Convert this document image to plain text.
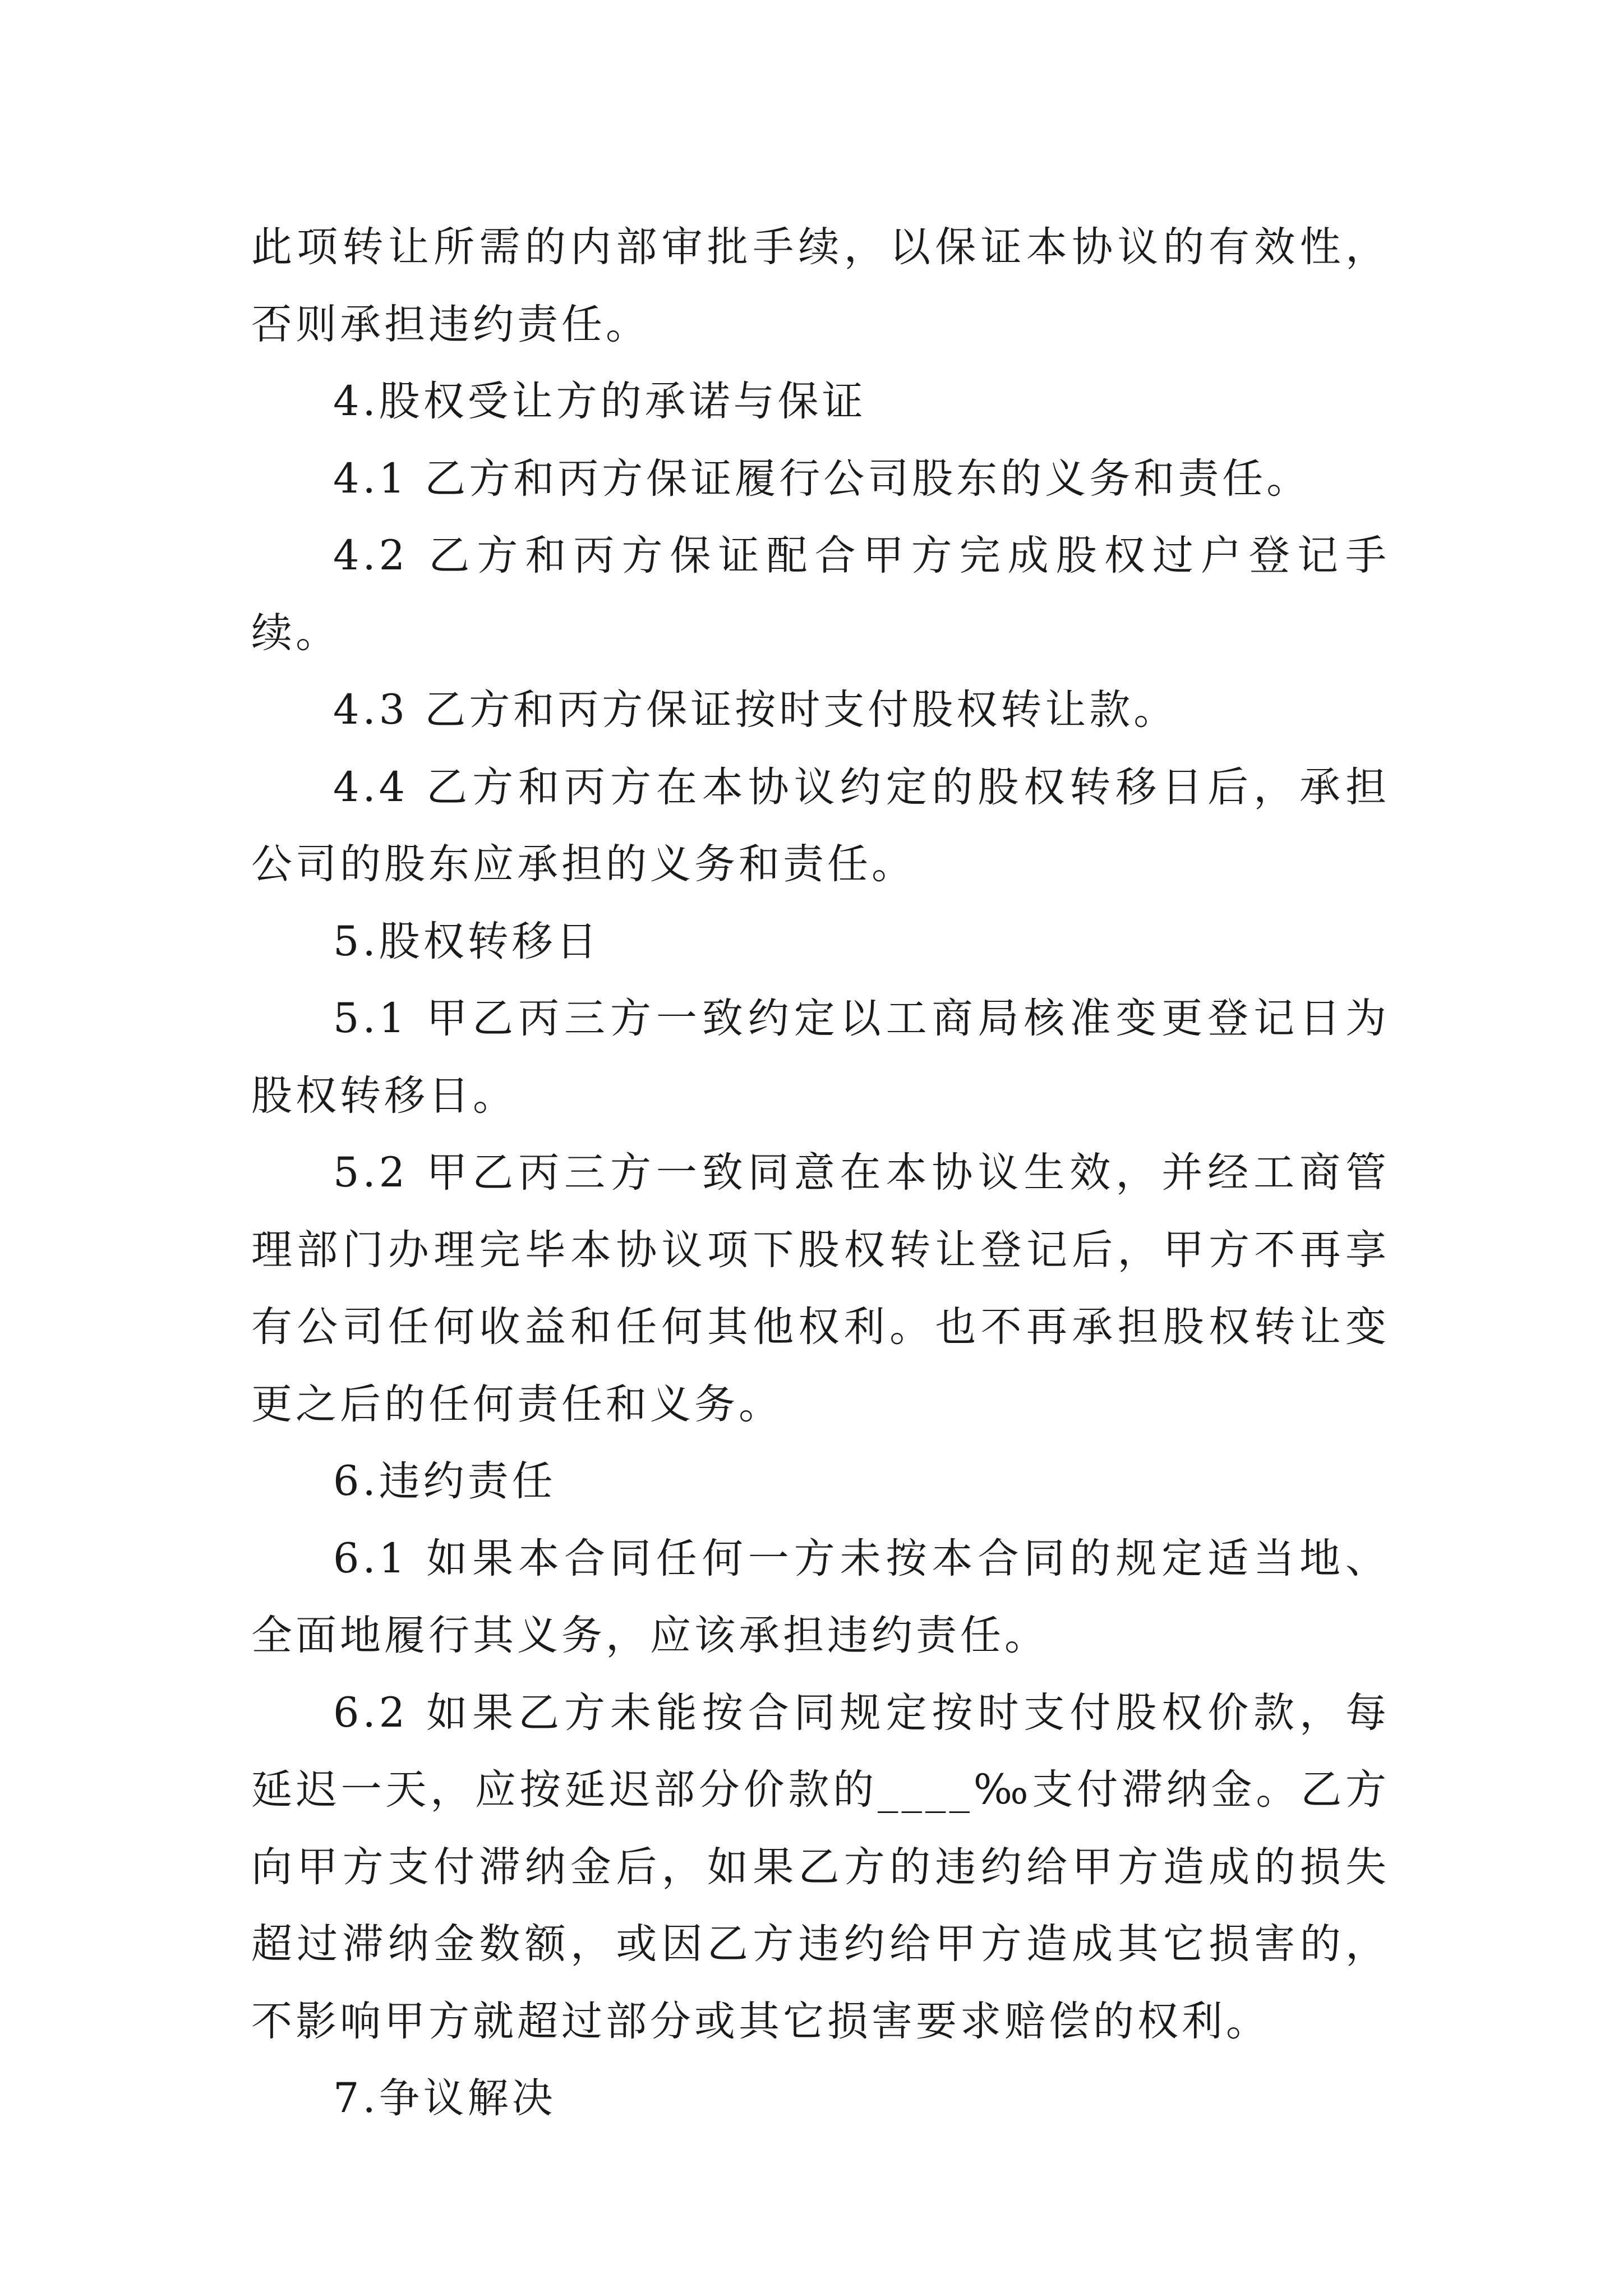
此项转让所需的内部审批手续，以保证本协议的有效性，否则承担违约责任。

4.股权受让方的承诺与保证

4.1 乙方和丙方保证履行公司股东的义务和责任。

4.2 乙方和丙方保证配合甲方完成股权过户登记手续。

4.3 乙方和丙方保证按时支付股权转让款。

4.4 乙方和丙方在本协议约定的股权转移日后，承担公司的股东应承担的义务和责任。

5.股权转移日

5.1 甲乙丙三方一致约定以工商局核准变更登记日为股权转移日。

5.2 甲乙丙三方一致同意在本协议生效，并经工商管理部门办理完毕本协议项下股权转让登记后，甲方不再享有公司任何收益和任何其他权利。也不再承担股权转让变更之后的任何责任和义务。

6.违约责任

6.1 如果本合同任何一方未按本合同的规定适当地、全面地履行其义务，应该承担违约责任。

6.2 如果乙方未能按合同规定按时支付股权价款，每延迟一天，应按延迟部分价款的____‰支付滞纳金。乙方向甲方支付滞纳金后，如果乙方的违约给甲方造成的损失超过滞纳金数额，或因乙方违约给甲方造成其它损害的，不影响甲方就超过部分或其它损害要求赔偿的权利。

7.争议解决
